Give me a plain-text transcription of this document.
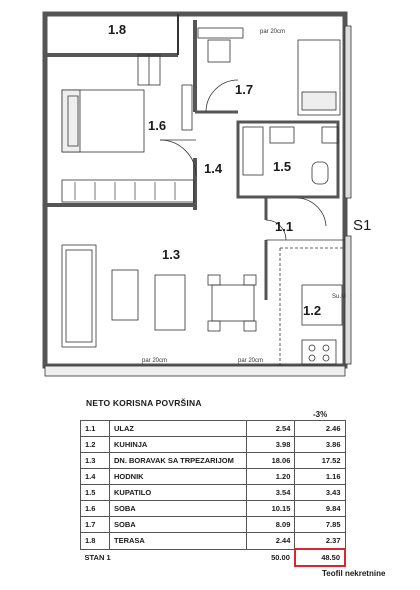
1.8
1.7
1.6
1.5
1.4
1.1
1.3
1.2
S1
par 20cm
par 20cm	par 20cm
Su.M
NETO KORISNA POVRŠINA
-3%
1.1	ULAZ	2.54	2.46
1.2	KUHINJA	3.98	3.86
1.3	DN. BORAVAK SA TRPEZARIJOM	18.06	17.52
1.4	HODNIK	1.20	1.16
1.5	KUPATILO	3.54	3.43
1.6	SOBA	10.15	9.84
1.7	SOBA	8.09	7.85
1.8	TERASA	2.44	2.37
STAN 1		50.00	48.50
Teofil nekretnine
